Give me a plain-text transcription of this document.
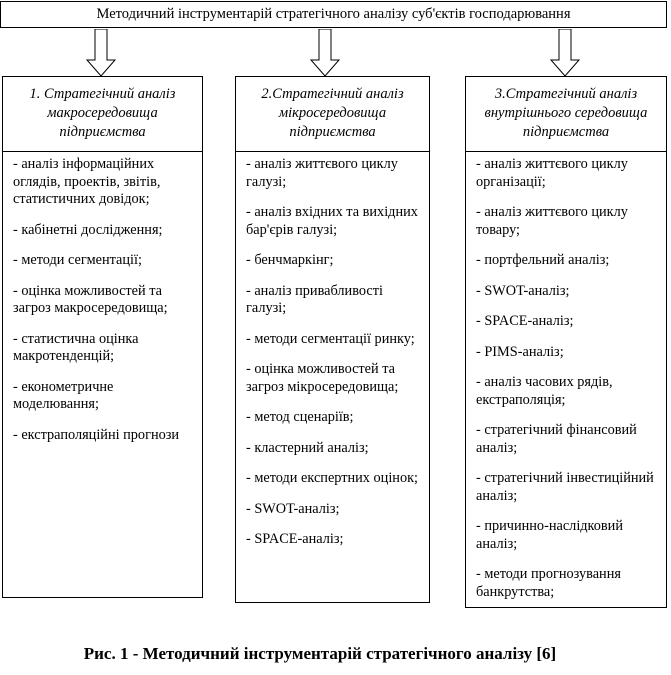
Методичний інструментарій стратегічного аналізу суб'єктів господарювання
1. Стратегічний аналіз макросередовища підприємства
- аналіз інформаційних оглядів, проектів, звітів, статистичних довідок;
- кабінетні дослідження;
- методи сегментації;
- оцінка можливостей та загроз макросередовища;
- статистична оцінка макротенденцій;
- економетричне моделювання;
- екстраполяційні прогнози
2.Стратегічний аналіз мікросередовища підприємства
- аналіз життєвого циклу галузі;
- аналіз вхідних та вихідних бар'єрів галузі;
- бенчмаркінг;
- аналіз привабливості галузі;
- методи сегментації ринку;
- оцінка можливостей та загроз мікросередовища;
- метод сценаріїв;
- кластерний аналіз;
- методи експертних оцінок;
- SWOT-аналіз;
- SPACE-аналіз;
3.Стратегічний аналіз внутрішнього середовища підприємства
- аналіз життєвого циклу організації;
- аналіз життєвого циклу товару;
- портфельний аналіз;
- SWOT-аналіз;
- SPACE-аналіз;
- PIMS-аналіз;
- аналіз часових рядів, екстраполяція;
- стратегічний фінансовий аналіз;
- стратегічний інвестиційний аналіз;
- причинно-наслідковий аналіз;
- методи прогнозування банкрутства;
Рис. 1 - Методичний інструментарій стратегічного аналізу [6]
